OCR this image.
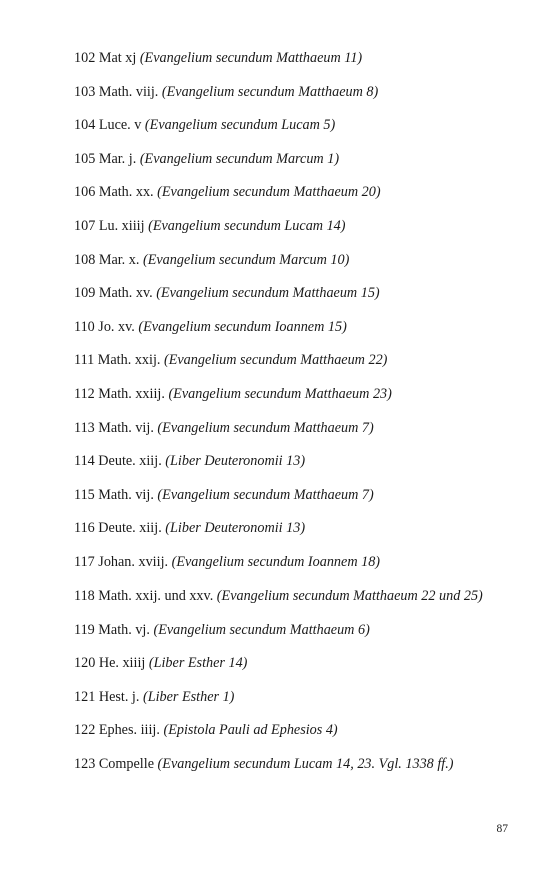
102 Mat xj (Evangelium secundum Matthaeum 11)

103 Math. viij. (Evangelium secundum Matthaeum 8)

104 Luce. v (Evangelium secundum Lucam 5)

105 Mar. j. (Evangelium secundum Marcum 1)

106 Math. xx. (Evangelium secundum Matthaeum 20)

107 Lu. xiiij (Evangelium secundum Lucam 14)

108 Mar. x. (Evangelium secundum Marcum 10)

109 Math. xv. (Evangelium secundum Matthaeum 15)

110 Jo. xv. (Evangelium secundum Ioannem 15)

111 Math. xxij. (Evangelium secundum Matthaeum 22)

112 Math. xxiij. (Evangelium secundum Matthaeum 23)

113 Math. vij. (Evangelium secundum Matthaeum 7)

114 Deute. xiij. (Liber Deuteronomii 13)

115 Math. vij. (Evangelium secundum Matthaeum 7)

116 Deute. xiij. (Liber Deuteronomii 13)

117 Johan. xviij. (Evangelium secundum Ioannem 18)

118 Math. xxij. und xxv. (Evangelium secundum Matthaeum 22 und 25)

119 Math. vj. (Evangelium secundum Matthaeum 6)

120 He. xiiij (Liber Esther 14)

121 Hest. j. (Liber Esther 1)

122 Ephes. iiij. (Epistola Pauli ad Ephesios 4)

123 Compelle (Evangelium secundum Lucam 14, 23. Vgl. 1338 ff.)

87
